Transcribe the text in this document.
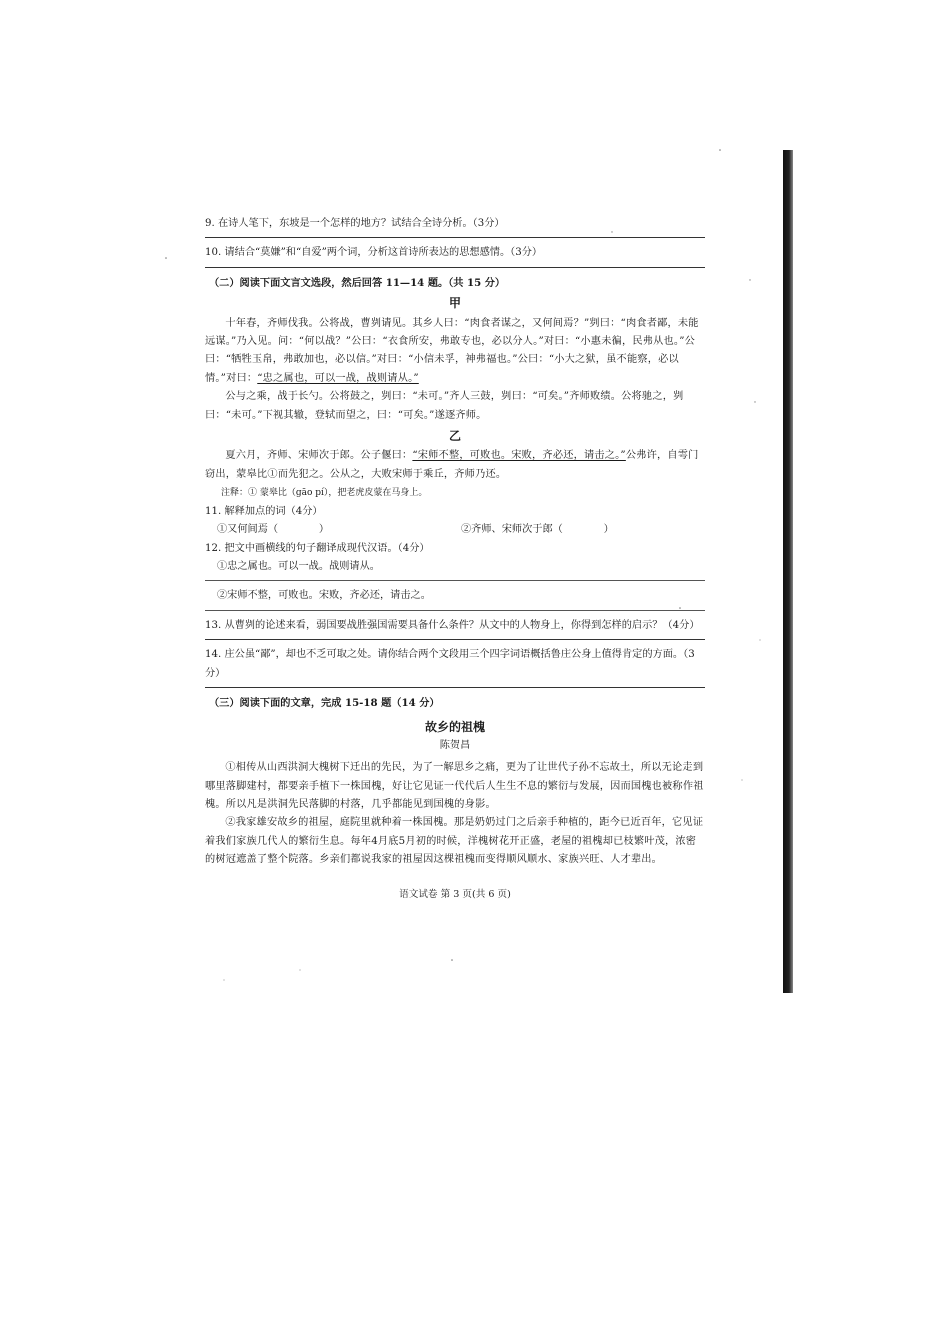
9. 在诗人笔下，东坡是一个怎样的地方？试结合全诗分析。（3分）

10. 请结合“莫嫌”和“自爱”两个词，分析这首诗所表达的思想感情。（3分）

（二）阅读下面文言文选段，然后回答 11—14 题。（共 15 分）

甲

十年春，齐师伐我。公将战，曹刿请见。其乡人曰：“肉食者谋之，又何间焉？”刿曰：“肉食者鄙，未能远谋。”乃入见。问：“何以战？”公曰：“衣食所安，弗敢专也，必以分人。”对曰：“小惠未徧，民弗从也。”公曰：“牺牲玉帛，弗敢加也，必以信。”对曰：“小信未孚，神弗福也。”公曰：“小大之狱，虽不能察，必以情。”对曰：“忠之属也，可以一战，战则请从。”

公与之乘，战于长勺。公将鼓之，刿曰：“未可。”齐人三鼓，刿曰：“可矣。”齐师败绩。公将驰之，刿曰：“未可。”下视其辙，登轼而望之，曰：“可矣。”遂逐齐师。

乙

夏六月，齐师、宋师次于郎。公子偃曰：“宋师不整，可败也。宋败，齐必还，请击之。”公弗许，自雩门窃出，蒙皋比①而先犯之。公从之，大败宋师于乘丘，齐师乃还。

注释：① 蒙皋比（gāo pí），把老虎皮蒙在马身上。

11. 解释加点的词（4分）

①又何间焉（　　　　）	②齐师、宋师次于郎（　　　　）

12. 把文中画横线的句子翻译成现代汉语。（4分）

①忠之属也。可以一战。战则请从。

②宋师不整，可败也。宋败，齐必还，请击之。

13. 从曹刿的论述来看，弱国要战胜强国需要具备什么条件？从文中的人物身上，你得到怎样的启示？（4分）

14. 庄公虽“鄙”，却也不乏可取之处。请你结合两个文段用三个四字词语概括鲁庄公身上值得肯定的方面。（3分）

（三）阅读下面的文章，完成 15-18 题（14 分）

故乡的祖槐

陈贺昌

①相传从山西洪洞大槐树下迁出的先民，为了一解思乡之痛，更为了让世代子孙不忘故土，所以无论走到哪里落脚建村，都要亲手植下一株国槐，好让它见证一代代后人生生不息的繁衍与发展，因而国槐也被称作祖槐。所以凡是洪洞先民落脚的村落，几乎都能见到国槐的身影。

②我家雄安故乡的祖屋，庭院里就种着一株国槐。那是奶奶过门之后亲手种植的，距今已近百年，它见证着我们家族几代人的繁衍生息。每年4月底5月初的时候，洋槐树花开正盛，老屋的祖槐却已枝繁叶茂，浓密的树冠遮盖了整个院落。乡亲们都说我家的祖屋因这棵祖槐而变得顺风顺水、家族兴旺、人才辈出。

语文试卷 第 3 页(共 6 页)
